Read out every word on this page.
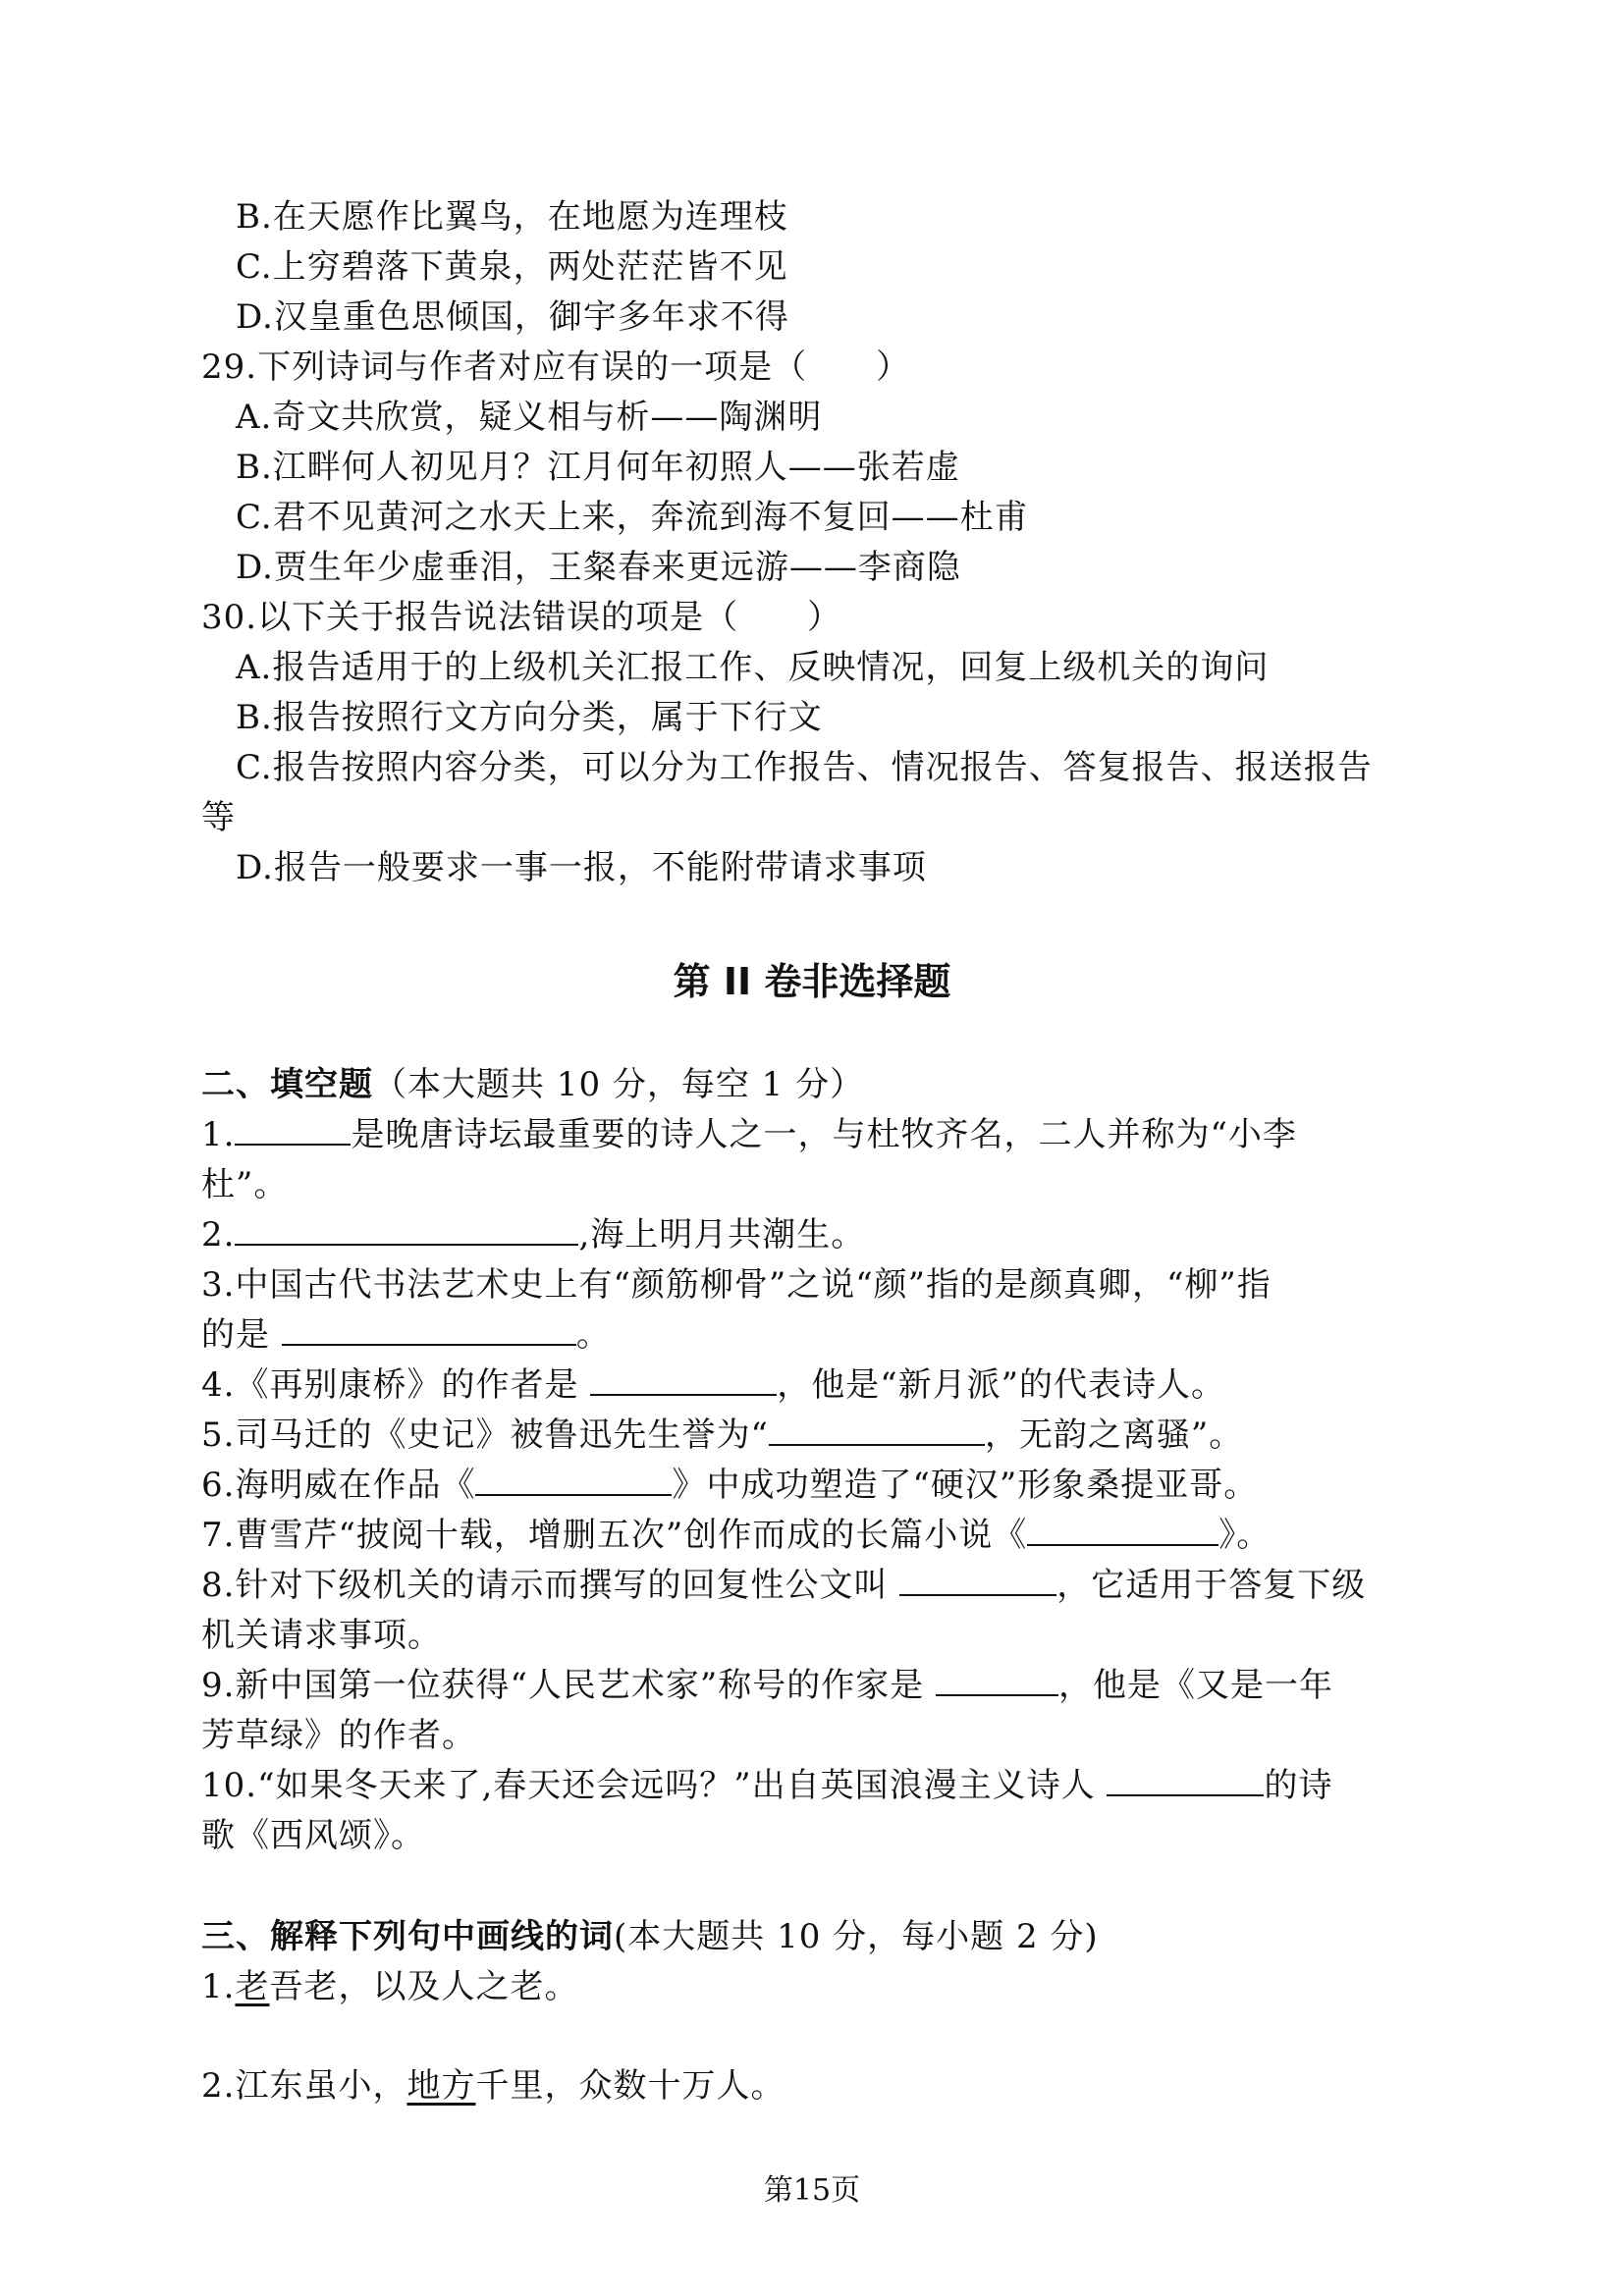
B.在天愿作比翼鸟，在地愿为连理枝
C.上穷碧落下黄泉，两处茫茫皆不见
D.汉皇重色思倾国，御宇多年求不得
29.下列诗词与作者对应有误的一项是（　　）
A.奇文共欣赏，疑义相与析——陶渊明
B.江畔何人初见月？江月何年初照人——张若虚
C.君不见黄河之水天上来，奔流到海不复回——杜甫
D.贾生年少虚垂泪，王粲春来更远游——李商隐
30.以下关于报告说法错误的项是（　　）
A.报告适用于的上级机关汇报工作、反映情况，回复上级机关的询问
B.报告按照行文方向分类，属于下行文
C.报告按照内容分类，可以分为工作报告、情况报告、答复报告、报送报告
等
D.报告一般要求一事一报，不能附带请求事项
第 II 卷非选择题
二、填空题（本大题共 10 分，每空 1 分）
1.	是晚唐诗坛最重要的诗人之一，与杜牧齐名，二人并称为“小李
杜”。
2.	,海上明月共潮生。
3.中国古代书法艺术史上有“颜筋柳骨”之说“颜”指的是颜真卿，“柳”指
的是	。
4.《再别康桥》的作者是	，他是“新月派”的代表诗人。
5.司马迁的《史记》被鲁迅先生誉为“	，无韵之离骚”。
6.海明威在作品《	》中成功塑造了“硬汉”形象桑提亚哥。
7.曹雪芹“披阅十载，增删五次”创作而成的长篇小说《	》。
8.针对下级机关的请示而撰写的回复性公文叫	，它适用于答复下级
机关请求事项。
9.新中国第一位获得“人民艺术家”称号的作家是	，他是《又是一年
芳草绿》的作者。
10.“如果冬天来了,春天还会远吗？”出自英国浪漫主义诗人	的诗
歌《西风颂》。
三、解释下列句中画线的词(本大题共 10 分，每小题 2 分)
1.老吾老，以及人之老。
2.江东虽小，地方千里，众数十万人。
第15页
